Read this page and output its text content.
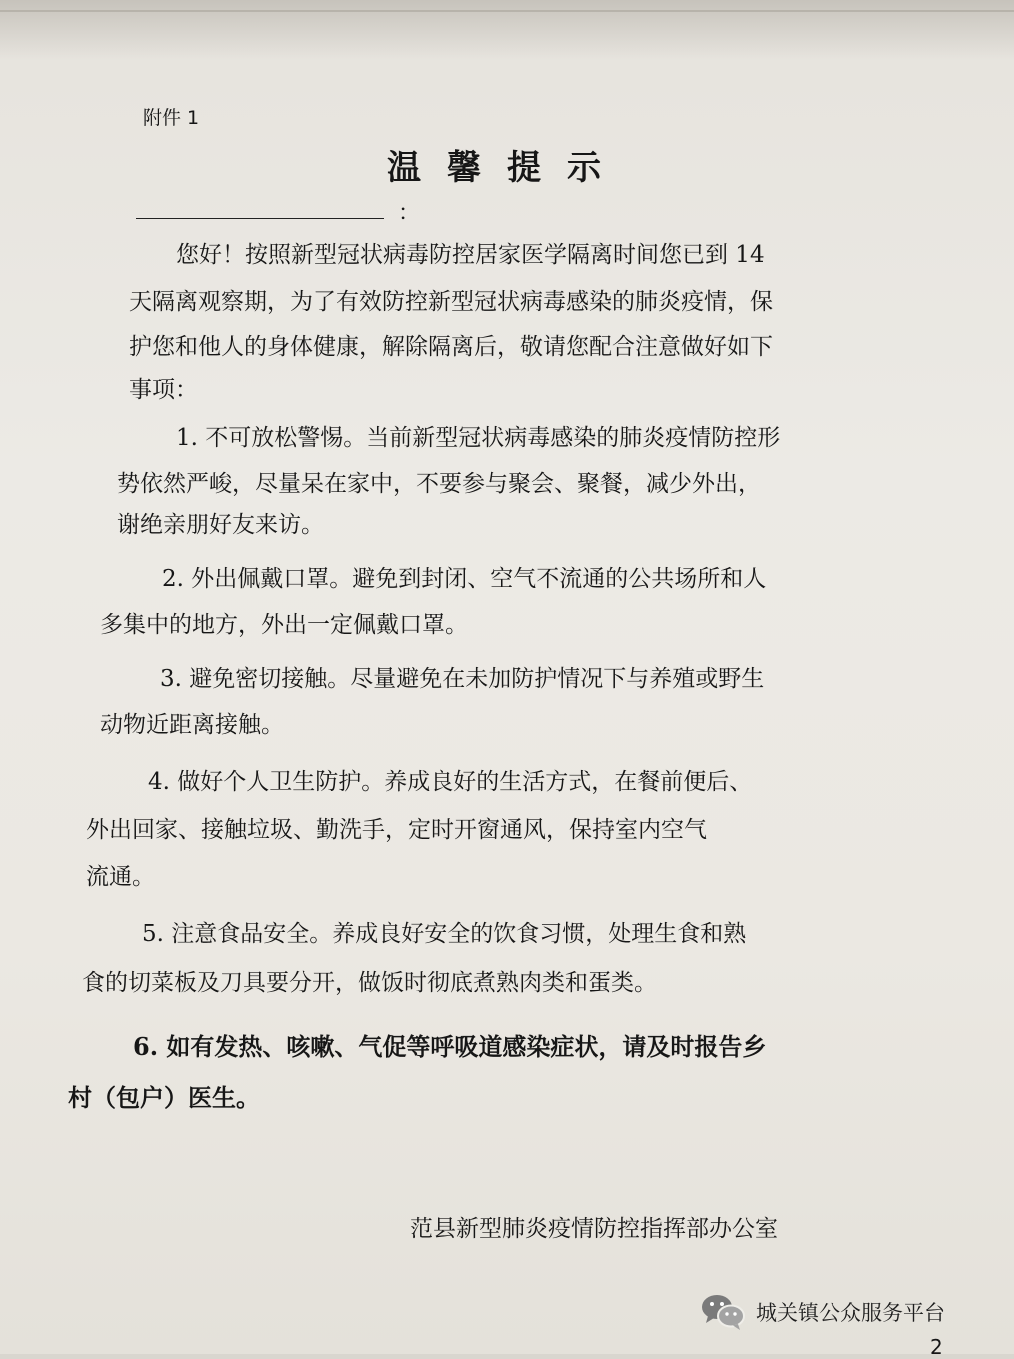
附件 1
温馨提示
：
您好！按照新型冠状病毒防控居家医学隔离时间您已到 14
天隔离观察期，为了有效防控新型冠状病毒感染的肺炎疫情，保
护您和他人的身体健康，解除隔离后，敬请您配合注意做好如下
事项：
1. 不可放松警惕。当前新型冠状病毒感染的肺炎疫情防控形
势依然严峻，尽量呆在家中，不要参与聚会、聚餐，减少外出，
谢绝亲朋好友来访。
2. 外出佩戴口罩。避免到封闭、空气不流通的公共场所和人
多集中的地方，外出一定佩戴口罩。
3. 避免密切接触。尽量避免在未加防护情况下与养殖或野生
动物近距离接触。
4. 做好个人卫生防护。养成良好的生活方式，在餐前便后、
外出回家、接触垃圾、勤洗手，定时开窗通风，保持室内空气
流通。
5. 注意食品安全。养成良好安全的饮食习惯，处理生食和熟
食的切菜板及刀具要分开，做饭时彻底煮熟肉类和蛋类。
6. 如有发热、咳嗽、气促等呼吸道感染症状，请及时报告乡
村（包户）医生。
范县新型肺炎疫情防控指挥部办公室
城关镇公众服务平台
2
